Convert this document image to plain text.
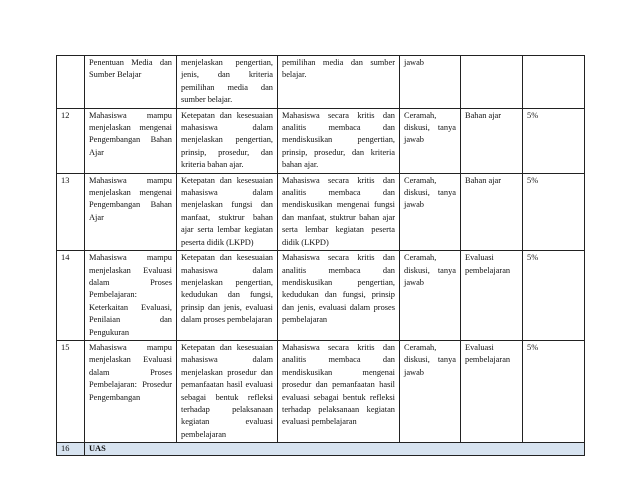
	Penentuan Media dan Sumber Belajar	menjelaskan pengertian, jenis, dan kriteria pemilihan media dan sumber belajar.	pemilihan media dan sumber belajar.	jawab		
12	Mahasiswa mampu menjelaskan mengenai Pengembangan Bahan Ajar	Ketepatan dan kesesuaian mahasiswa dalam menjelaskan pengertian, prinsip, prosedur, dan kriteria bahan ajar.	Mahasiswa secara kritis dan analitis membaca dan mendiskusikan pengertian, prinsip, prosedur, dan kriteria bahan ajar.	Ceramah, diskusi, tanya jawab	Bahan ajar	5%
13	Mahasiswa mampu menjelaskan mengenai Pengembangan Bahan Ajar	Ketepatan dan kesesuaian mahasiswa dalam menjelaskan fungsi dan manfaat, stuktrur bahan ajar serta lembar kegiatan peserta didik (LKPD)	Mahasiswa secara kritis dan analitis membaca dan mendiskusikan mengenai fungsi dan manfaat, stuktrur bahan ajar serta lembar kegiatan peserta didik (LKPD)	Ceramah, diskusi, tanya jawab	Bahan ajar	5%
14	Mahasiswa mampu menjelaskan Evaluasi dalam Proses Pembelajaran: Keterkaitan Evaluasi, Penilaian dan Pengukuran	Ketepatan dan kesesuaian mahasiswa dalam menjelaskan pengertian, kedudukan dan fungsi, prinsip dan jenis, evaluasi dalam proses pembelajaran	Mahasiswa secara kritis dan analitis membaca dan mendiskusikan pengertian, kedudukan dan fungsi, prinsip dan jenis, evaluasi dalam proses pembelajaran	Ceramah, diskusi, tanya jawab	Evaluasi pembelajaran	5%
15	Mahasiswa mampu menjelaskan Evaluasi dalam Proses Pembelajaran: Prosedur Pengembangan	Ketepatan dan kesesuaian mahasiswa dalam menjelaskan prosedur dan pemanfaatan hasil evaluasi sebagai bentuk refleksi terhadap pelaksanaan kegiatan evaluasi pembelajaran	Mahasiswa secara kritis dan analitis membaca dan mendiskusikan mengenai prosedur dan pemanfaatan hasil evaluasi sebagai bentuk refleksi terhadap pelaksanaan kegiatan evaluasi pembelajaran	Ceramah, diskusi, tanya jawab	Evaluasi pembelajaran	5%
16	UAS					
